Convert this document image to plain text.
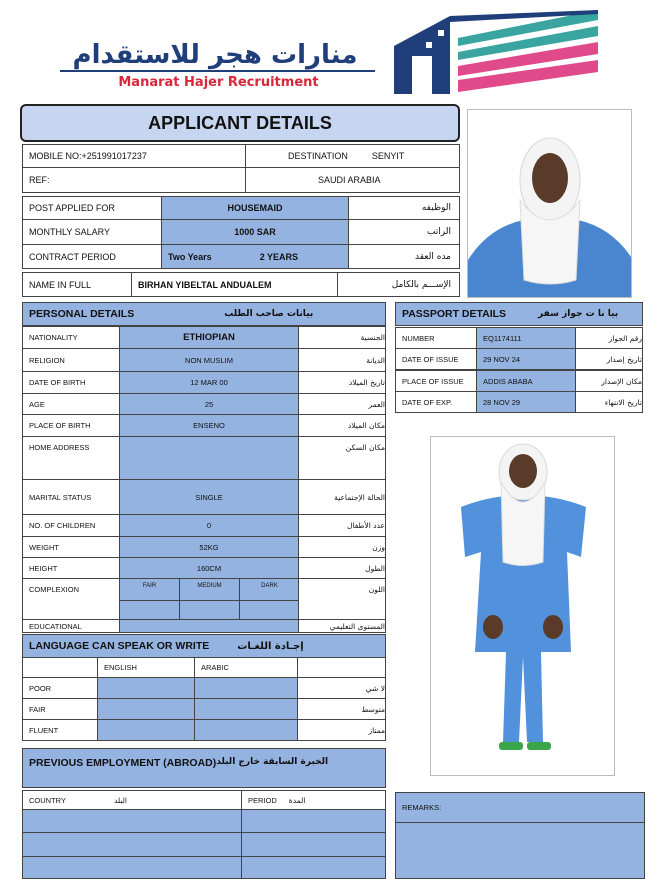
منارات هجر للاستقدام
Manarat Hajer Recruitment
APPLICANT DETAILS
MOBILE NO:+251991017237	DESTINATION	SENYIT
REF:	SAUDI ARABIA
POST APPLIED FOR	HOUSEMAID	الوظيفه
MONTHLY SALARY	1000 SAR	الراتب
CONTRACT PERIOD	Two Years	2 YEARS	مده العقد
NAME IN FULL	BIRHAN YIBELTAL ANDUALEM	الإســـم بالكامل
PERSONAL DETAILS	بيانات صاحب الطلب
NATIONALITY	ETHIOPIAN	الجنسية
RELIGION	NON MUSLIM	الديانة
DATE OF BIRTH	12 MAR 00	تاريخ الميلاد
AGE	25	العمر
PLACE OF BIRTH	ENSENO	مكان الميلاد
HOME ADDRESS	مكان السكن
MARITAL STATUS	SINGLE	الحالة الإجتماعية
NO. OF CHILDREN	0	عدد الأطفال
WEIGHT	52KG	وزن
HEIGHT	160CM	الطول
COMPLEXION	FAIR	MEDIUM	DARK	اللون
EDUCATIONAL	المستوى التعليمي
PASSPORT DETAILS	بيا نا ت جواز سفر
NUMBER	EQ1174111	رقم الجواز
DATE OF ISSUE	29 NOV 24	تاريخ إصدار
PLACE OF ISSUE	ADDIS ABABA	مكان الإصدار
DATE OF EXP.	28 NOV 29	تاريخ الانتهاء
LANGUAGE CAN SPEAK OR WRITE	إجـادة اللغـات
ENGLISH	ARABIC
POOR	لا شي
FAIR	متوسط
FLUENT	ممتاز
PREVIOUS EMPLOYMENT (ABROAD) الخبرة السابقة خارج البلد
COUNTRY	البلد	PERIOD المدة
REMARKS:
